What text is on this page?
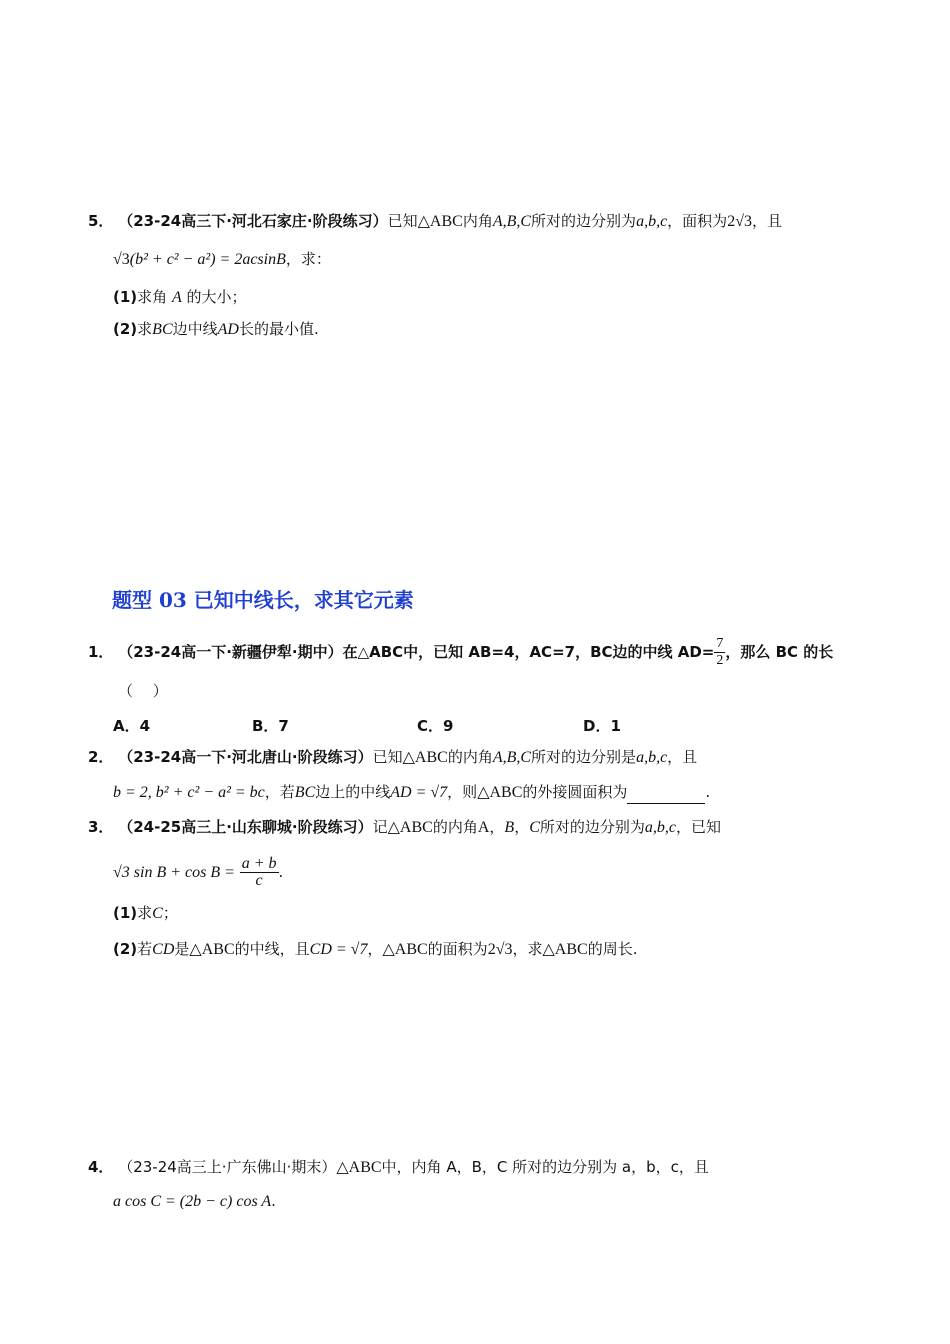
5． （23-24高三下·河北石家庄·阶段练习）已知△ABC内角A,B,C所对的边分别为a,b,c，面积为2√3，且
√3(b² + c² − a²) = 2acsinB，求：
(1)求角 A 的大小；
(2)求BC边中线AD长的最小值.
题型 03 已知中线长，求其它元素
1． （23-24高一下·新疆伊犁·期中）在△ABC中，已知 AB=4，AC=7，BC边的中线 $AD= \frac{7}{2}$ ，那么 BC 的长
（　 ）
A．4	B．7	C．9	D．1
2． （23-24高一下·河北唐山·阶段练习）已知△ABC的内角A,B,C所对的边分别是a,b,c，且
b = 2, b² + c² − a² = bc，若BC边上的中线AD = √7，则△ABC的外接圆面积为	.
3． （24-25高三上·山东聊城·阶段练习）记△ABC的内角A，B，C所对的边分别为a,b,c，已知
√3 $\sin B + \cos B = \frac{a + b}{c}$ .
(1)求C；
(2)若CD是△ABC的中线，且CD = √7，△ABC的面积为2√3，求△ABC的周长.
4． （23-24高三上·广东佛山·期末）△ABC中，内角 A，B，C 所对的边分别为 a，b，c，且
a cos C = (2b − c) cos A.
